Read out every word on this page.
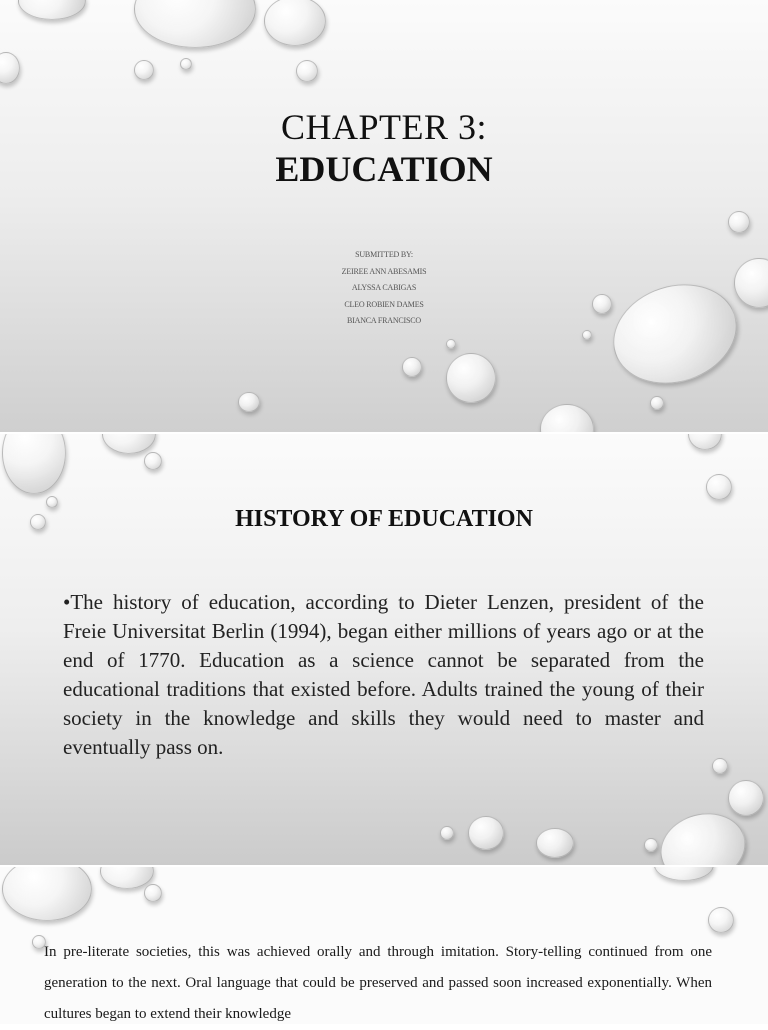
CHAPTER 3:
EDUCATION
SUBMITTED BY:
ZEIREE ANN ABESAMIS
ALYSSA CABIGAS
CLEO ROBIEN DAMES
BIANCA FRANCISCO
HISTORY OF EDUCATION
•The history of education, according to Dieter Lenzen, president of the Freie Universitat Berlin (1994), began either millions of years ago or at the end of 1770. Education as a science cannot be separated from the educational traditions that existed before. Adults trained the young of their society in the knowledge and skills they would need to master and eventually pass on.
In pre-literate societies, this was achieved orally and through imitation. Story-telling continued from one generation to the next. Oral language that could be preserved and passed soon increased exponentially. When cultures began to extend their knowledge
